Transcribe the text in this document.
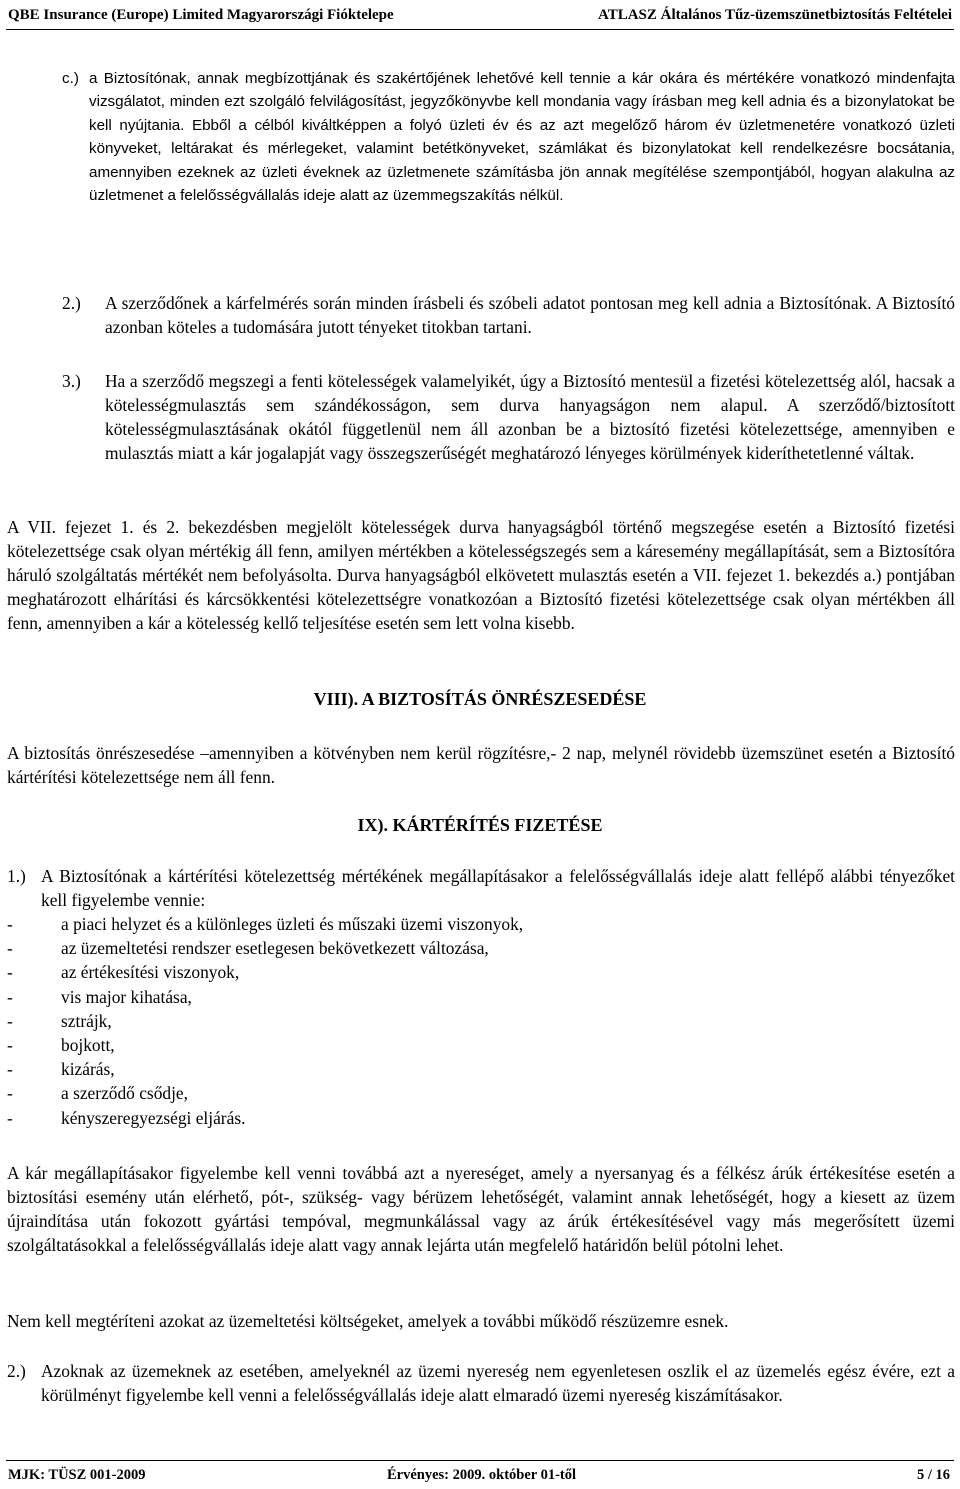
QBE Insurance (Europe) Limited Magyarországi Fióktelepe	ATLASZ Általános Tűz-üzemszünetbiztosítás Feltételei
c.) a Biztosítónak, annak megbízottjának és szakértőjének lehetővé kell tennie a kár okára és mértékére vonatkozó mindenfajta vizsgálatot, minden ezt szolgáló felvilágosítást, jegyzőkönyvbe kell mondania vagy írásban meg kell adnia és a bizonylatokat be kell nyújtania. Ebből a célból kiváltképpen a folyó üzleti év és az azt megelőző három év üzletmenetére vonatkozó üzleti könyveket, leltárakat és mérlegeket, valamint betétkönyveket, számlákat és bizonylatokat kell rendelkezésre bocsátania, amennyiben ezeknek az üzleti éveknek az üzletmenete számításba jön annak megítélése szempontjából, hogyan alakulna az üzletmenet a felelősségvállalás ideje alatt az üzemmegszakítás nélkül.
2.) A szerződőnek a kárfelmérés során minden írásbeli és szóbeli adatot pontosan meg kell adnia a Biztosítónak. A Biztosító azonban köteles a tudomására jutott tényeket titokban tartani.
3.) Ha a szerződő megszegi a fenti kötelességek valamelyikét, úgy a Biztosító mentesül a fizetési kötelezettség alól, hacsak a kötelességmulasztás sem szándékosságon, sem durva hanyagságon nem alapul. A szerződő/biztosított kötelességmulasztásának okától függetlenül nem áll azonban be a biztosító fizetési kötelezettsége, amennyiben e mulasztás miatt a kár jogalapját vagy összegszerűségét meghatározó lényeges körülmények kideríthetetlenné váltak.
A VII. fejezet 1. és 2. bekezdésben megjelölt kötelességek durva hanyagságból történő megszegése esetén a Biztosító fizetési kötelezettsége csak olyan mértékig áll fenn, amilyen mértékben a kötelességszegés sem a káresemény megállapítását, sem a Biztosítóra háruló szolgáltatás mértékét nem befolyásolta. Durva hanyagságból elkövetett mulasztás esetén a VII. fejezet 1. bekezdés a.) pontjában meghatározott elhárítási és kárcsökkentési kötelezettségre vonatkozóan a Biztosító fizetési kötelezettsége csak olyan mértékben áll fenn, amennyiben a kár a kötelesség kellő teljesítése esetén sem lett volna kisebb.
VIII). A BIZTOSÍTÁS ÖNRÉSZESEDÉSE
A biztosítás önrészesedése –amennyiben a kötvényben nem kerül rögzítésre,- 2 nap, melynél rövidebb üzemszünet esetén a Biztosító kártérítési kötelezettsége nem áll fenn.
IX). KÁRTÉRÍTÉS FIZETÉSE
1.) A Biztosítónak a kártérítési kötelezettség mértékének megállapításakor a felelősségvállalás ideje alatt fellépő alábbi tényezőket kell figyelembe vennie:
-	a piaci helyzet és a különleges üzleti és műszaki üzemi viszonyok,
-	az üzemeltetési rendszer esetlegesen bekövetkezett változása,
-	az értékesítési viszonyok,
-	vis major kihatása,
-	sztrájk,
-	bojkott,
-	kizárás,
-	a szerződő csődje,
-	kényszeregyezségi eljárás.
A kár megállapításakor figyelembe kell venni továbbá azt a nyereséget, amely a nyersanyag és a félkész árúk értékesítése esetén a biztosítási esemény után elérhető, pót-, szükség- vagy bérüzem lehetőségét, valamint annak lehetőségét, hogy a kiesett az üzem újraindítása után fokozott gyártási tempóval, megmunkálással vagy az árúk értékesítésével vagy más megerősített üzemi szolgáltatásokkal a felelősségvállalás ideje alatt vagy annak lejárta után megfelelő határidőn belül pótolni lehet.
Nem kell megtéríteni azokat az üzemeltetési költségeket, amelyek a további működő részüzemre esnek.
2.) Azoknak az üzemeknek az esetében, amelyeknél az üzemi nyereség nem egyenletesen oszlik el az üzemelés egész évére, ezt a körülményt figyelembe kell venni a felelősségvállalás ideje alatt elmaradó üzemi nyereség kiszámításakor.
MJK: TÜSZ 001-2009	Érvényes: 2009. október 01-től	5 / 16
